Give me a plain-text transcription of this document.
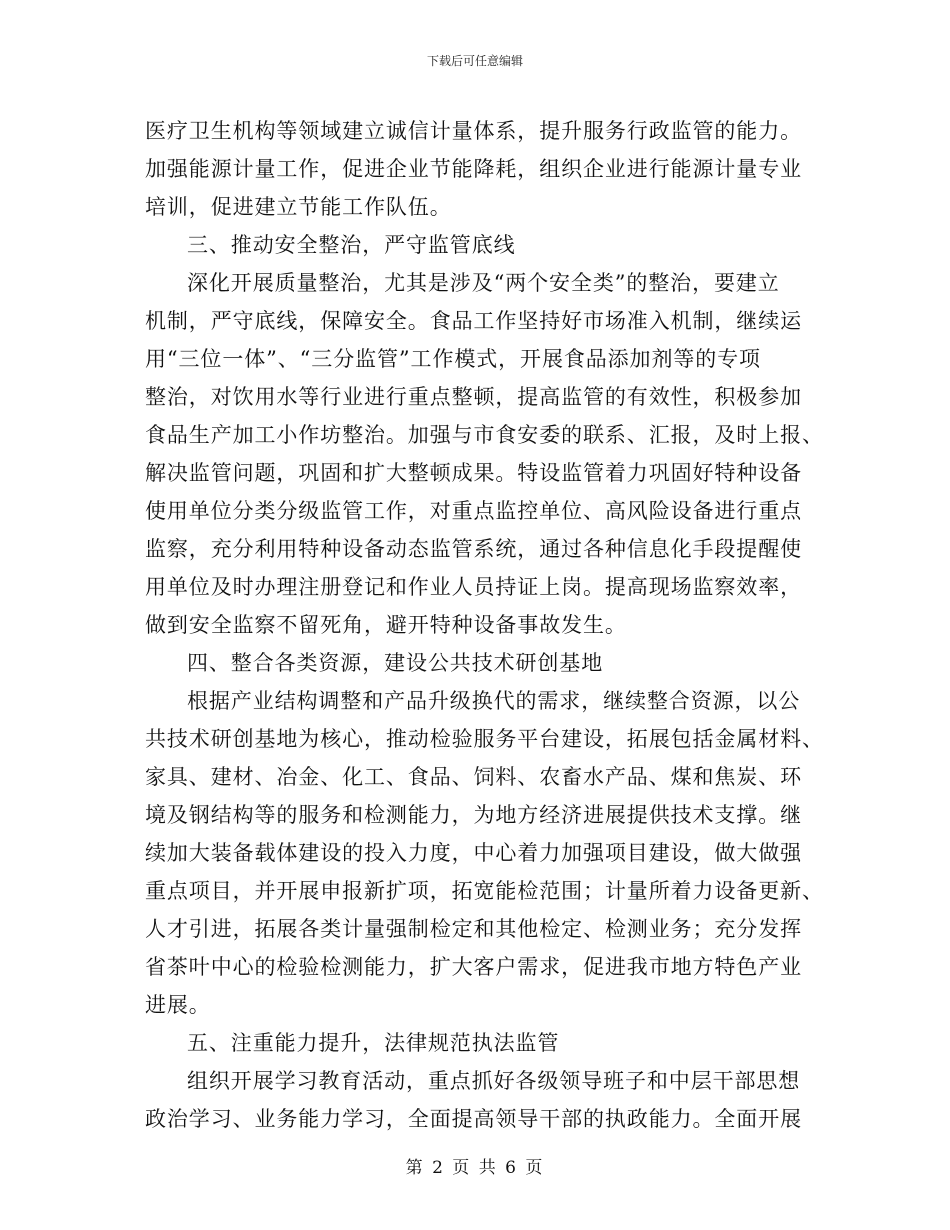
下载后可任意编辑
医疗卫生机构等领域建立诚信计量体系，提升服务行政监管的能力。
加强能源计量工作，促进企业节能降耗，组织企业进行能源计量专业
培训，促进建立节能工作队伍。
三、推动安全整治，严守监管底线
深化开展质量整治，尤其是涉及“两个安全类”的整治，要建立
机制，严守底线，保障安全。食品工作坚持好市场准入机制，继续运
用“三位一体”、“三分监管”工作模式，开展食品添加剂等的专项
整治，对饮用水等行业进行重点整顿，提高监管的有效性，积极参加
食品生产加工小作坊整治。加强与市食安委的联系、汇报，及时上报、
解决监管问题，巩固和扩大整顿成果。特设监管着力巩固好特种设备
使用单位分类分级监管工作，对重点监控单位、高风险设备进行重点
监察，充分利用特种设备动态监管系统，通过各种信息化手段提醒使
用单位及时办理注册登记和作业人员持证上岗。提高现场监察效率，
做到安全监察不留死角，避开特种设备事故发生。
四、整合各类资源，建设公共技术研创基地
根据产业结构调整和产品升级换代的需求，继续整合资源，以公
共技术研创基地为核心，推动检验服务平台建设，拓展包括金属材料、
家具、建材、冶金、化工、食品、饲料、农畜水产品、煤和焦炭、环
境及钢结构等的服务和检测能力，为地方经济进展提供技术支撑。继
续加大装备载体建设的投入力度，中心着力加强项目建设，做大做强
重点项目，并开展申报新扩项，拓宽能检范围；计量所着力设备更新、
人才引进，拓展各类计量强制检定和其他检定、检测业务；充分发挥
省茶叶中心的检验检测能力，扩大客户需求，促进我市地方特色产业
进展。
五、注重能力提升，法律规范执法监管
组织开展学习教育活动，重点抓好各级领导班子和中层干部思想
政治学习、业务能力学习，全面提高领导干部的执政能力。全面开展
第 2 页 共 6 页
